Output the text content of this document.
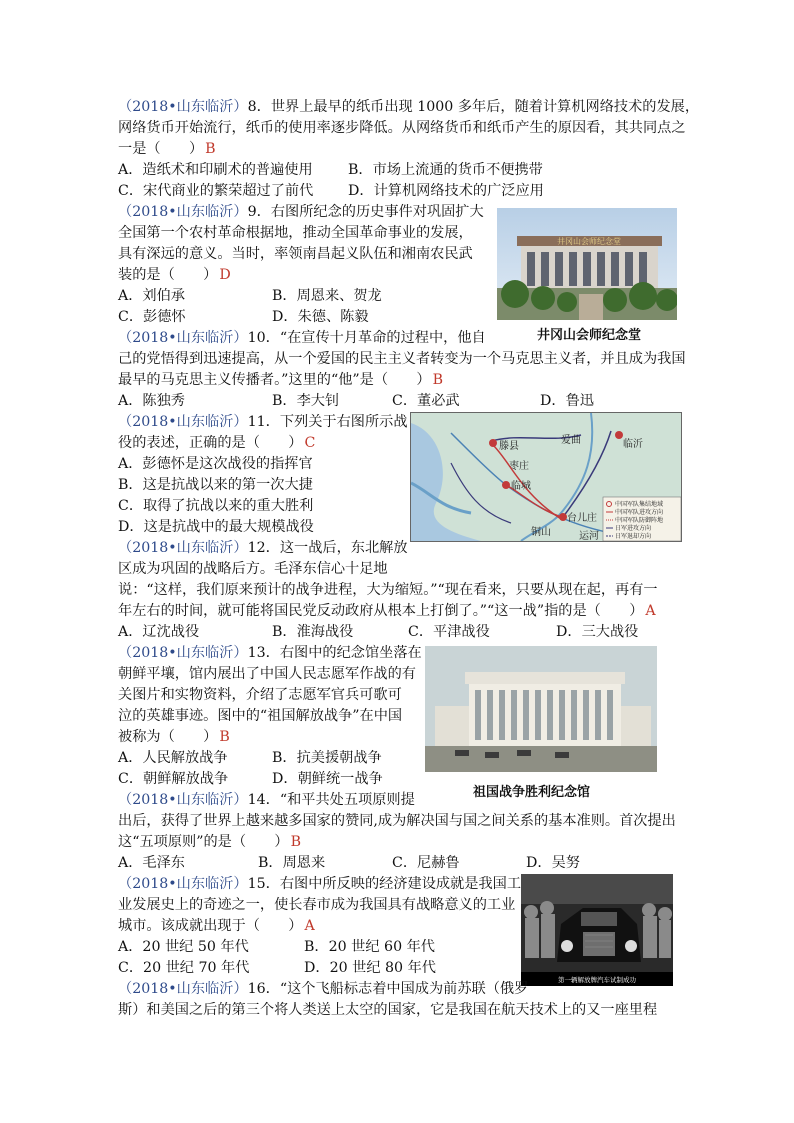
（2018•山东临沂）8．世界上最早的纸币出现 1000 多年后，随着计算机网络技术的发展，
网络货币开始流行，纸币的使用率逐步降低。从网络货币和纸币产生的原因看，其共同点之
一是（　　） B
A．造纸术和印刷术的普遍使用 B．市场上流通的货币不便携带
C．宋代商业的繁荣超过了前代 D．计算机网络技术的广泛应用
（2018•山东临沂）9．右图所纪念的历史事件对巩固扩大
全国第一个农村革命根据地，推动全国革命事业的发展，
具有深远的意义。当时，率领南昌起义队伍和湘南农民武
装的是（　　） D
A．刘伯承	B．周恩来、贺龙
C．彭德怀	D．朱德、陈毅
井冈山会师纪念堂
井冈山会师纪念堂
（2018•山东临沂）10．“在宣传十月革命的过程中，他自
己的党悟得到迅速提高，从一个爱国的民主主义者转变为一个马克思主义者，并且成为我国
最早的马克思主义传播者。”这里的“他”是（　　） B
A．陈独秀	B．李大钊	C．董必武	D．鲁迅
（2018•山东临沂）11．下列关于右图所示战
役的表述，正确的是（　　） C
A．彭德怀是这次战役的指挥官
B．这是抗战以来的第一次大捷
C．取得了抗战以来的重大胜利
D．这是抗战中的最大规模战役
滕县
爱曲	临沂
枣庄
临城
台儿庄
运河
铜山
中国军队集结地域
中国军队进攻方向
中国军队防御阵地
日军进攻方向
日军退却方向
（2018•山东临沂）12．这一战后，东北解放
区成为巩固的战略后方。毛泽东信心十足地
说：“这样，我们原来预计的战争进程，大为缩短。”“现在看来，只要从现在起，再有一
年左右的时间，就可能将国民党反动政府从根本上打倒了。”“这一战”指的是（　　） A
A．辽沈战役	B．淮海战役	C．平津战役	D．三大战役
（2018•山东临沂）13．右图中的纪念馆坐落在
朝鲜平壤，馆内展出了中国人民志愿军作战的有
关图片和实物资料，介绍了志愿军官兵可歌可
泣的英雄事迹。图中的“祖国解放战争”在中国
被称为（　　） B
A．人民解放战争	B．抗美援朝战争
C．朝鲜解放战争	D．朝鲜统一战争
祖国战争胜利纪念馆
（2018•山东临沂）14．“和平共处五项原则提
出后，获得了世界上越来越多国家的赞同,成为解决国与国之间关系的基本准则。首次提出
这“五项原则”的是（　　） B
A．毛泽东	B．周恩来	C．尼赫鲁	D．吴努
（2018•山东临沂）15．右图中所反映的经济建设成就是我国工
业发展史上的奇迹之一，使长春市成为我国具有战略意义的工业
城市。该成就出现于（　　） A
A．20 世纪 50 年代	B．20 世纪 60 年代
C．20 世纪 70 年代	D．20 世纪 80 年代
第一辆解放牌汽车试制成功
（2018•山东临沂）16．“这个飞船标志着中国成为前苏联（俄罗
斯）和美国之后的第三个将人类送上太空的国家，它是我国在航天技术上的又一座里程
